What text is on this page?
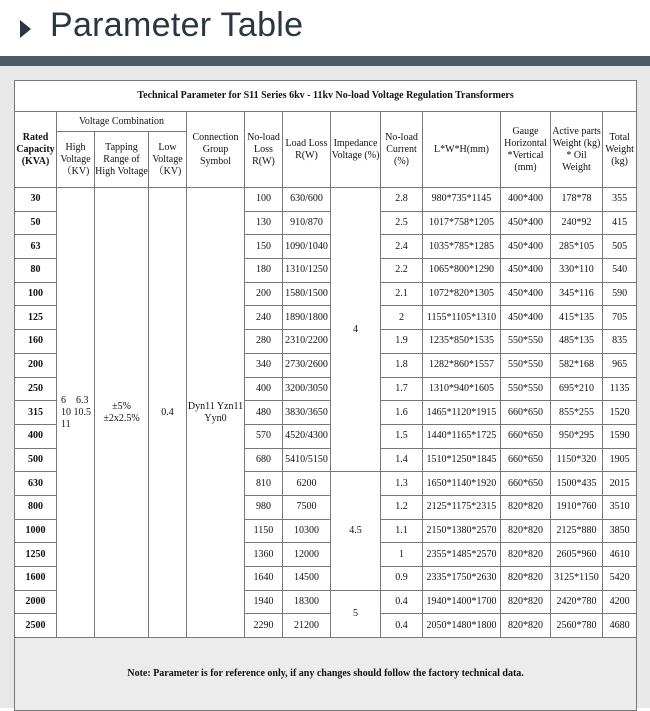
Parameter Table
Technical Parameter for S11 Series 6kv - 11kv No-load Voltage Regulation Transformers												
Rated Capacity (KVA)	Voltage Combination			Connection Group Symbol	No-load Loss R(W)	Load Loss R(W)	Impedance Voltage (%)	No-load Current (%)	L*W*H(mm)	Gauge Horizontal *Vertical (mm)	Active parts Weight (kg) * Oil Weight	Total Weight (kg)
	High Voltage （KV)	Tapping Range of High Voltage	Low Voltage （KV)									
30	6　6.3 10 10.5 11	±5% ±2x2.5%	0.4	Dyn11 Yzn11 Yyn0	100	630/600	4	2.8	980*735*1145	400*400	178*78	355
50					130	910/870		2.5	1017*758*1205	450*400	240*92	415
63					150	1090/1040		2.4	1035*785*1285	450*400	285*105	505
80					180	1310/1250		2.2	1065*800*1290	450*400	330*110	540
100					200	1580/1500		2.1	1072*820*1305	450*400	345*116	590
125					240	1890/1800		2	1155*1105*1310	450*400	415*135	705
160					280	2310/2200		1.9	1235*850*1535	550*550	485*135	835
200					340	2730/2600		1.8	1282*860*1557	550*550	582*168	965
250					400	3200/3050		1.7	1310*940*1605	550*550	695*210	1135
315					480	3830/3650		1.6	1465*1120*1915	660*650	855*255	1520
400					570	4520/4300		1.5	1440*1165*1725	660*650	950*295	1590
500					680	5410/5150		1.4	1510*1250*1845	660*650	1150*320	1905
630					810	6200	4.5	1.3	1650*1140*1920	660*650	1500*435	2015
800					980	7500		1.2	2125*1175*2315	820*820	1910*760	3510
1000					1150	10300		1.1	2150*1380*2570	820*820	2125*880	3850
1250					1360	12000		1	2355*1485*2570	820*820	2605*960	4610
1600					1640	14500		0.9	2335*1750*2630	820*820	3125*1150	5420
2000					1940	18300	5	0.4	1940*1400*1700	820*820	2420*780	4200
2500					2290	21200		0.4	2050*1480*1800	820*820	2560*780	4680
Note: Parameter is for reference only, if any changes should follow the factory technical data.												
